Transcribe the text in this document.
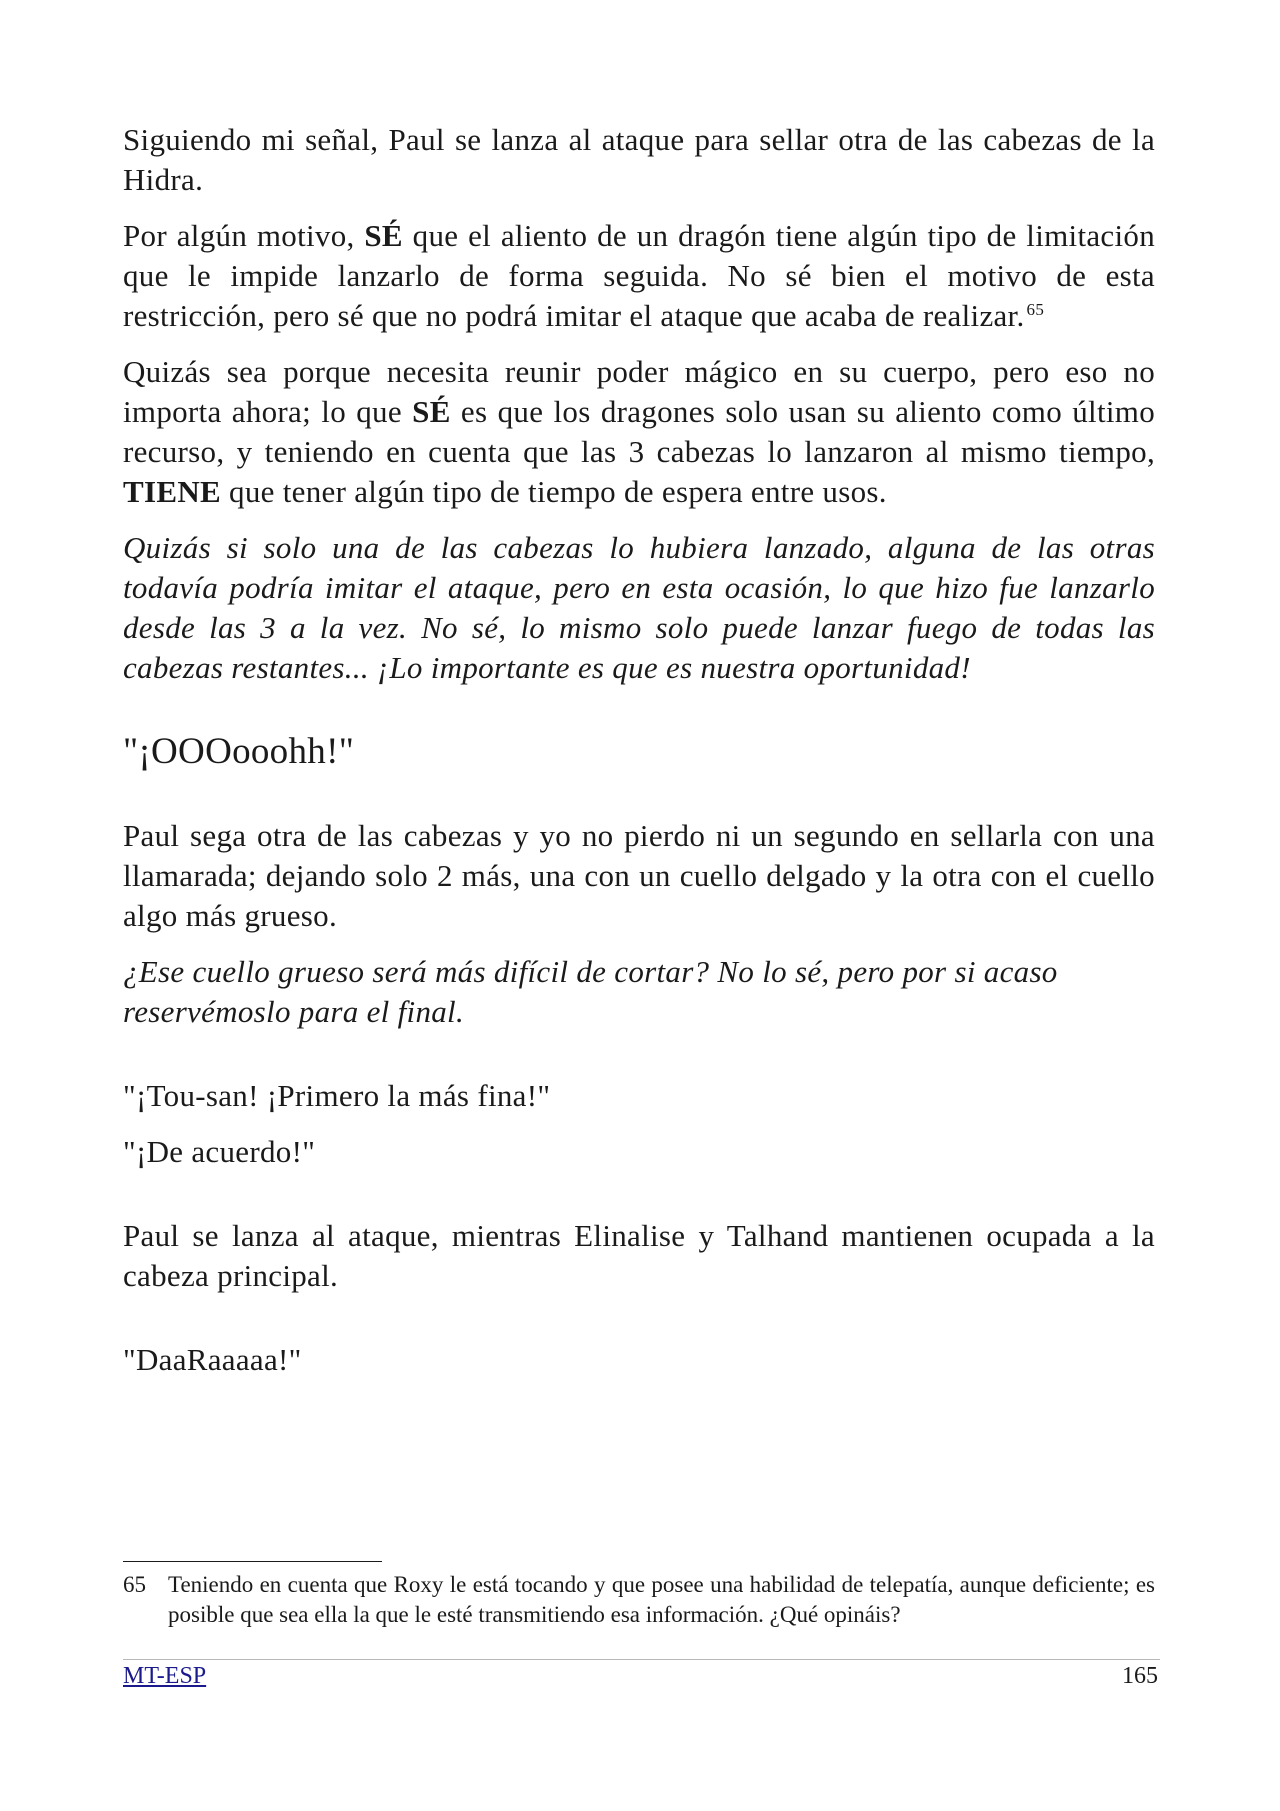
Siguiendo mi señal, Paul se lanza al ataque para sellar otra de las cabezas de la Hidra.

Por algún motivo, SÉ que el aliento de un dragón tiene algún tipo de limitación que le impide lanzarlo de forma seguida. No sé bien el motivo de esta restricción, pero sé que no podrá imitar el ataque que acaba de realizar. $^{65}$

Quizás sea porque necesita reunir poder mágico en su cuerpo, pero eso no importa ahora; lo que SÉ es que los dragones solo usan su aliento como último recurso, y teniendo en cuenta que las 3 cabezas lo lanzaron al mismo tiempo, TIENE que tener algún tipo de tiempo de espera entre usos.

Quizás si solo una de las cabezas lo hubiera lanzado, alguna de las otras todavía podría imitar el ataque, pero en esta ocasión, lo que hizo fue lanzarlo desde las 3 a la vez. No sé, lo mismo solo puede lanzar fuego de todas las cabezas restantes... ¡Lo importante es que es nuestra oportunidad!

"¡OOOooohh!"

Paul sega otra de las cabezas y yo no pierdo ni un segundo en sellarla con una llamarada; dejando solo 2 más, una con un cuello delgado y la otra con el cuello algo más grueso.

¿Ese cuello grueso será más difícil de cortar? No lo sé, pero por si acaso reservémoslo para el final.

"¡Tou-san! ¡Primero la más fina!"

"¡De acuerdo!"

Paul se lanza al ataque, mientras Elinalise y Talhand mantienen ocupada a la cabeza principal.

"DaaRaaaaa!"

65 Teniendo en cuenta que Roxy le está tocando y que posee una habilidad de telepatía, aunque deficiente; es posible que sea ella la que le esté transmitiendo esa información. ¿Qué opináis?
MT-ESP	165
